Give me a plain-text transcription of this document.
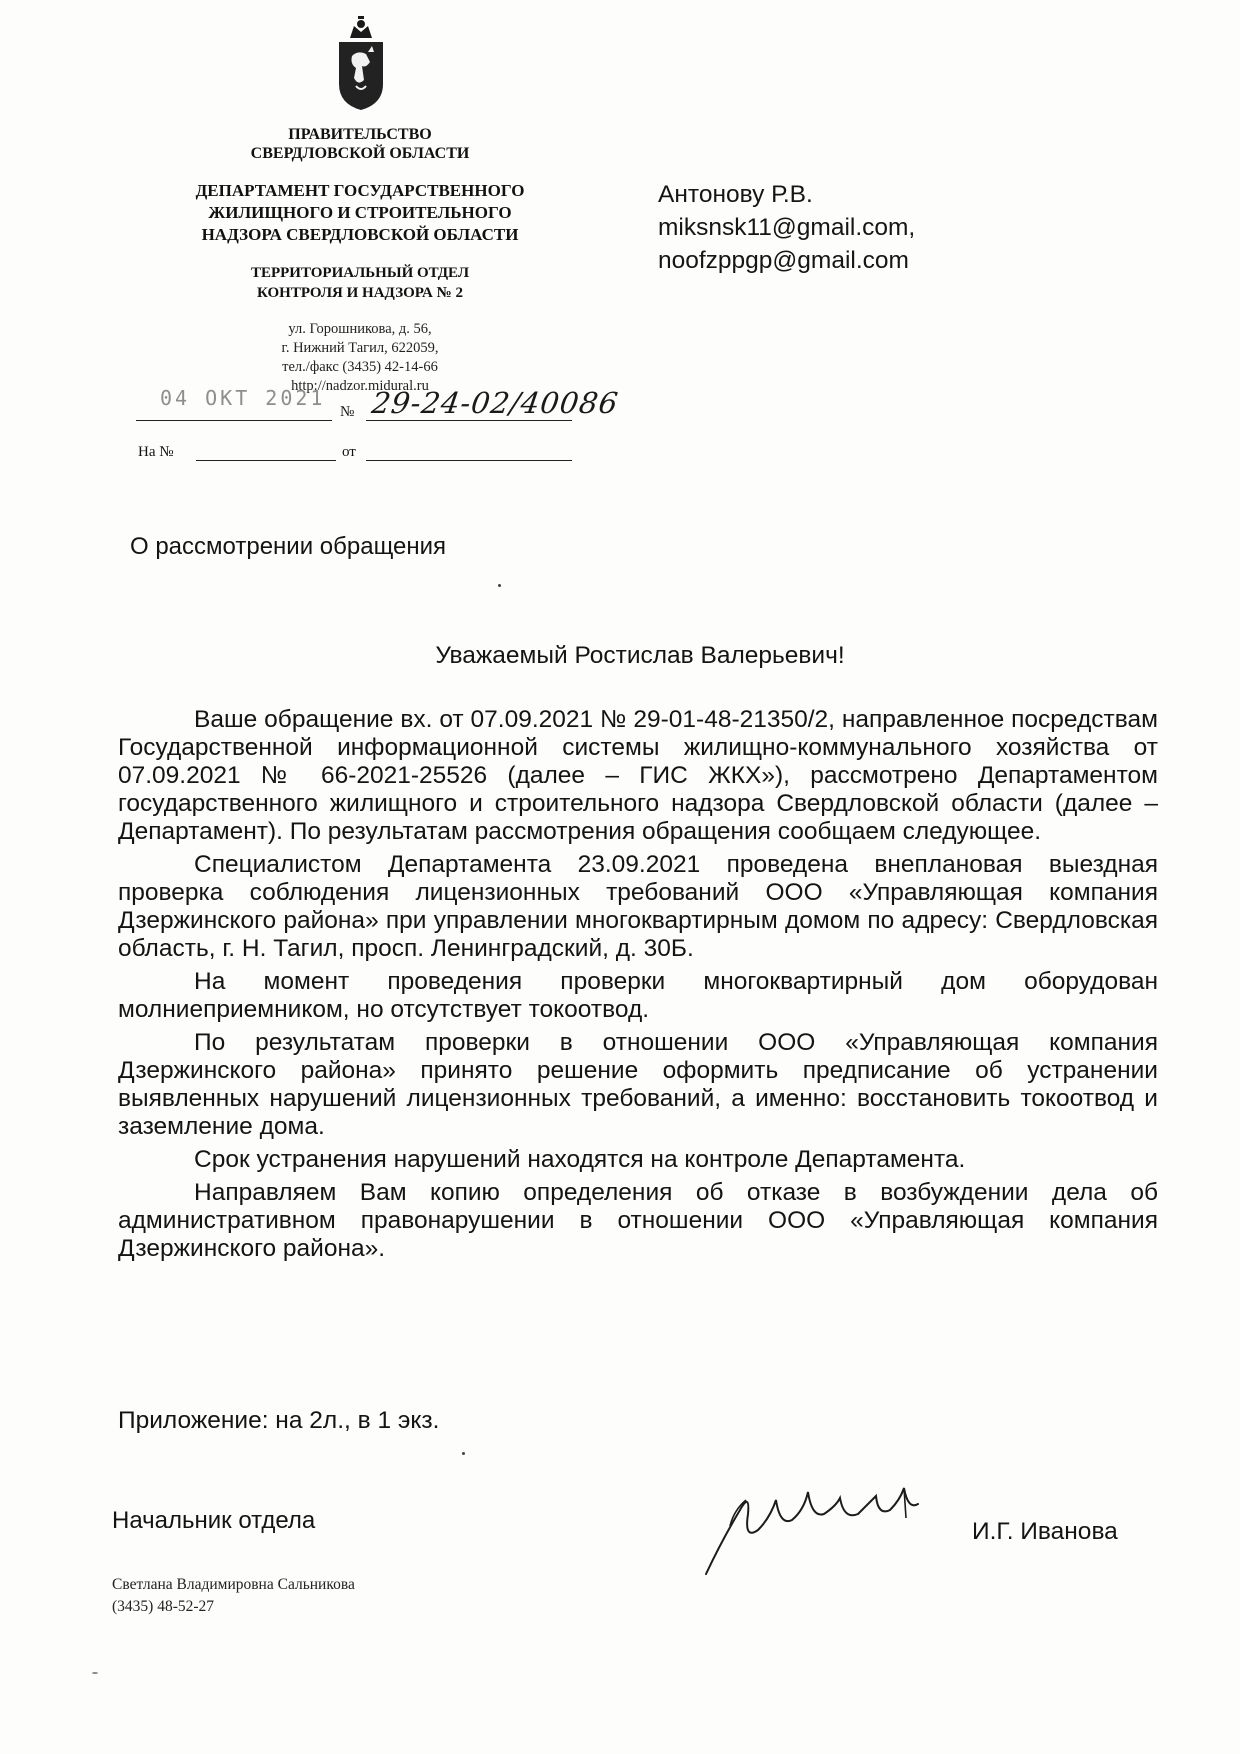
ПРАВИТЕЛЬСТВО
СВЕРДЛОВСКОЙ ОБЛАСТИ
ДЕПАРТАМЕНТ ГОСУДАРСТВЕННОГО
ЖИЛИЩНОГО И СТРОИТЕЛЬНОГО
НАДЗОРА СВЕРДЛОВСКОЙ ОБЛАСТИ
ТЕРРИТОРИАЛЬНЫЙ ОТДЕЛ
КОНТРОЛЯ И НАДЗОРА № 2
ул. Горошникова, д. 56,
г. Нижний Тагил, 622059,
тел./факс (3435) 42-14-66
http://nadzor.midural.ru
04 ОКТ 2021
№ 29-24-02/40086
На №	от
Антонову Р.В.
miksnsk11@gmail.com,
noofzppgp@gmail.com
О рассмотрении обращения
Уважаемый Ростислав Валерьевич!

Ваше обращение вх. от 07.09.2021 № 29-01-48-21350/2, направленное посредствам Государственной информационной системы жилищно-коммунального хозяйства от 07.09.2021 № 66-2021-25526 (далее – ГИС ЖКХ»), рассмотрено Департаментом государственного жилищного и строительного надзора Свердловской области (далее – Департамент). По результатам рассмотрения обращения сообщаем следующее.

Специалистом Департамента 23.09.2021 проведена внеплановая выездная проверка соблюдения лицензионных требований ООО «Управляющая компания Дзержинского района» при управлении многоквартирным домом по адресу: Свердловская область, г. Н. Тагил, просп. Ленинградский, д. 30Б.

На момент проведения проверки многоквартирный дом оборудован молниеприемником, но отсутствует токоотвод.

По результатам проверки в отношении ООО «Управляющая компания Дзержинского района» принято решение оформить предписание об устранении выявленных нарушений лицензионных требований, а именно: восстановить токоотвод и заземление дома.

Срок устранения нарушений находятся на контроле Департамента.

Направляем Вам копию определения об отказе в возбуждении дела об административном правонарушении в отношении ООО «Управляющая компания Дзержинского района».

Приложение: на 2л., в 1 экз.
Начальник отдела	И.Г. Иванова
Светлана Владимировна Сальникова
(3435) 48-52-27
